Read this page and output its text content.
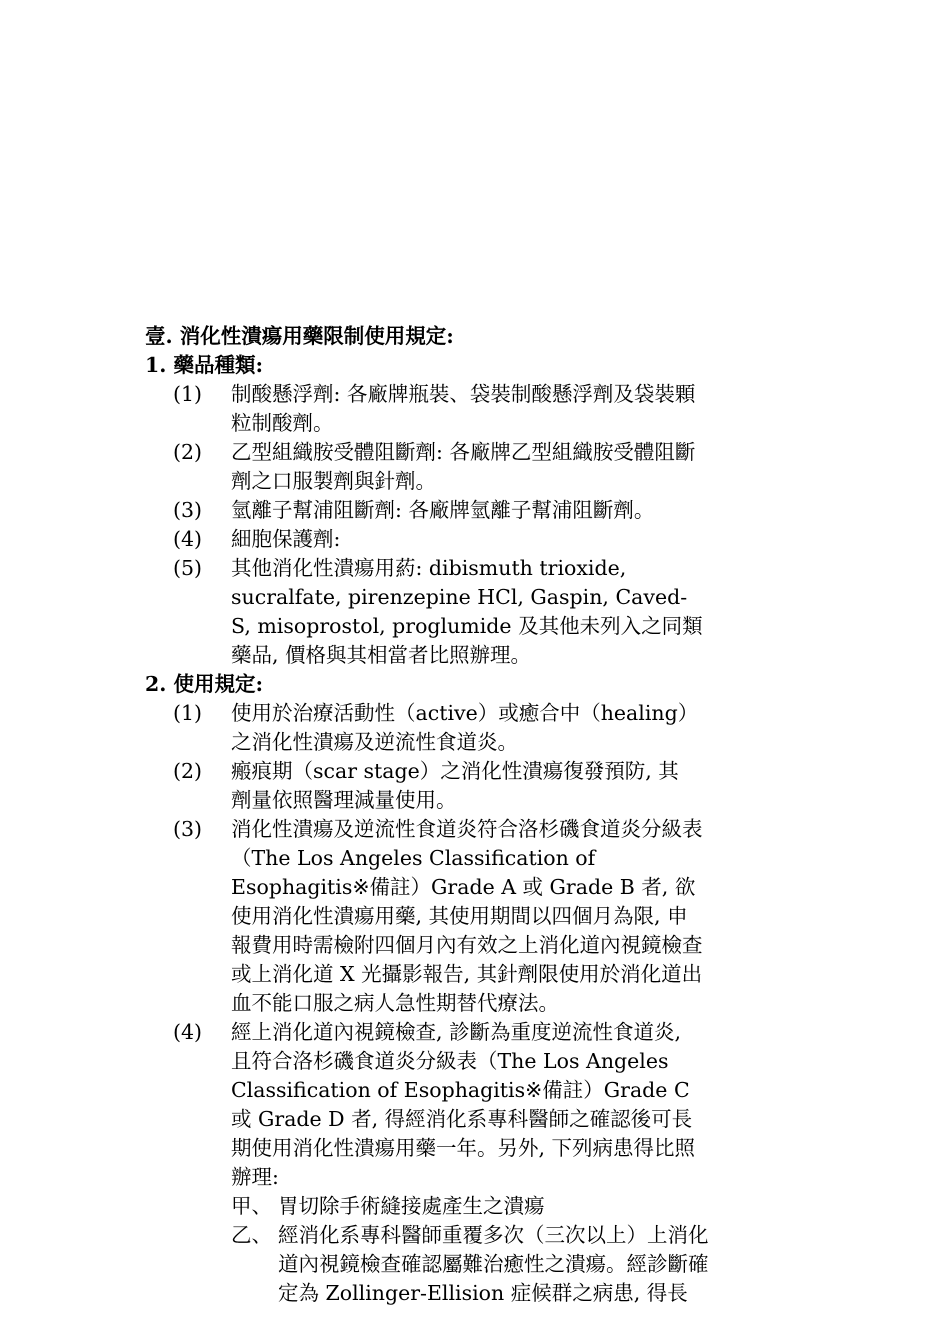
壹. 消化性潰瘍用藥限制使用規定:
1. 藥品種類:
(1) 制酸懸浮劑: 各廠牌瓶裝、袋裝制酸懸浮劑及袋裝顆
粒制酸劑。
(2) 乙型組織胺受體阻斷劑: 各廠牌乙型組織胺受體阻斷
劑之口服製劑與針劑。
(3) 氫離子幫浦阻斷劑: 各廠牌氫離子幫浦阻斷劑。
(4) 細胞保護劑:
(5) 其他消化性潰瘍用葯: dibismuth trioxide,
sucralfate, pirenzepine HCl, Gaspin, Caved-
S, misoprostol, proglumide 及其他未列入之同類
藥品, 價格與其相當者比照辦理。
2. 使用規定:
(1) 使用於治療活動性（active）或癒合中（healing）
之消化性潰瘍及逆流性食道炎。
(2) 瘢痕期（scar stage）之消化性潰瘍復發預防, 其
劑量依照醫理減量使用。
(3) 消化性潰瘍及逆流性食道炎符合洛杉磯食道炎分級表
（The Los Angeles Classification of
Esophagitis※備註）Grade A 或 Grade B 者, 欲
使用消化性潰瘍用藥, 其使用期間以四個月為限, 申
報費用時需檢附四個月內有效之上消化道內視鏡檢查
或上消化道 X 光攝影報告, 其針劑限使用於消化道出
血不能口服之病人急性期替代療法。
(4) 經上消化道內視鏡檢查, 診斷為重度逆流性食道炎,
且符合洛杉磯食道炎分級表（The Los Angeles
Classification of Esophagitis※備註）Grade C
或 Grade D 者, 得經消化系專科醫師之確認後可長
期使用消化性潰瘍用藥一年。另外, 下列病患得比照
辦理:
甲、 胃切除手術縫接處產生之潰瘍
乙、 經消化系專科醫師重覆多次（三次以上）上消化
道內視鏡檢查確認屬難治癒性之潰瘍。經診斷確
定為 Zollinger-Ellision 症候群之病患, 得長
